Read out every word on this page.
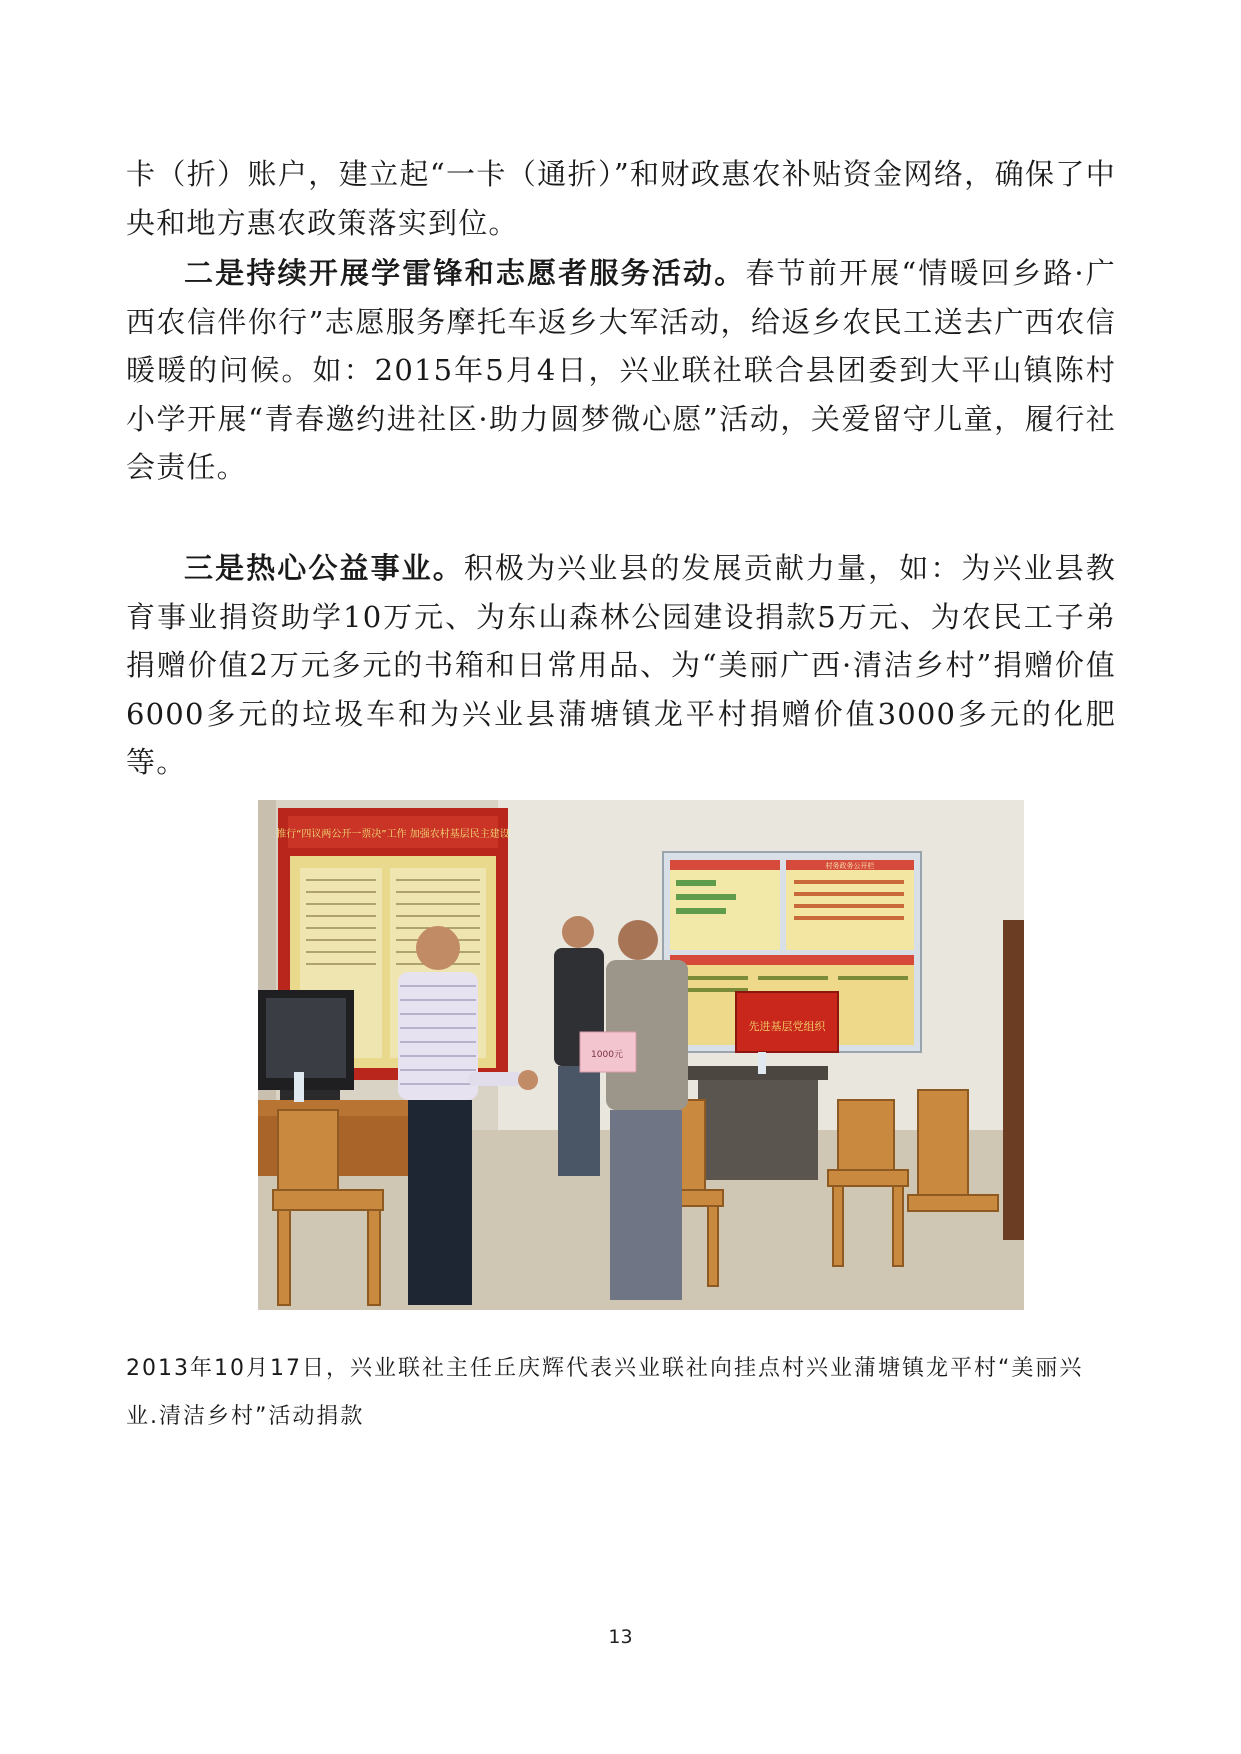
卡（折）账户，建立起“一卡（通折）”和财政惠农补贴资金网络，确保了中央和地方惠农政策落实到位。

二是持续开展学雷锋和志愿者服务活动。春节前开展“情暖回乡路·广西农信伴你行”志愿服务摩托车返乡大军活动，给返乡农民工送去广西农信暖暖的问候。如：2015年5月4日，兴业联社联合县团委到大平山镇陈村小学开展“青春邀约进社区·助力圆梦微心愿”活动，关爱留守儿童，履行社会责任。

三是热心公益事业。积极为兴业县的发展贡献力量，如：为兴业县教育事业捐资助学10万元、为东山森林公园建设捐款5万元、为农民工子弟捐赠价值2万元多元的书箱和日常用品、为“美丽广西·清洁乡村”捐赠价值6000多元的垃圾车和为兴业县蒲塘镇龙平村捐赠价值3000多元的化肥等。

推行“四议两公开一票决”工作 加强农村基层民主建设
村务政务公开栏
先进基层党组织
1000元

2013年10月17日，兴业联社主任丘庆辉代表兴业联社向挂点村兴业蒲塘镇龙平村“美丽兴业.清洁乡村”活动捐款

13
